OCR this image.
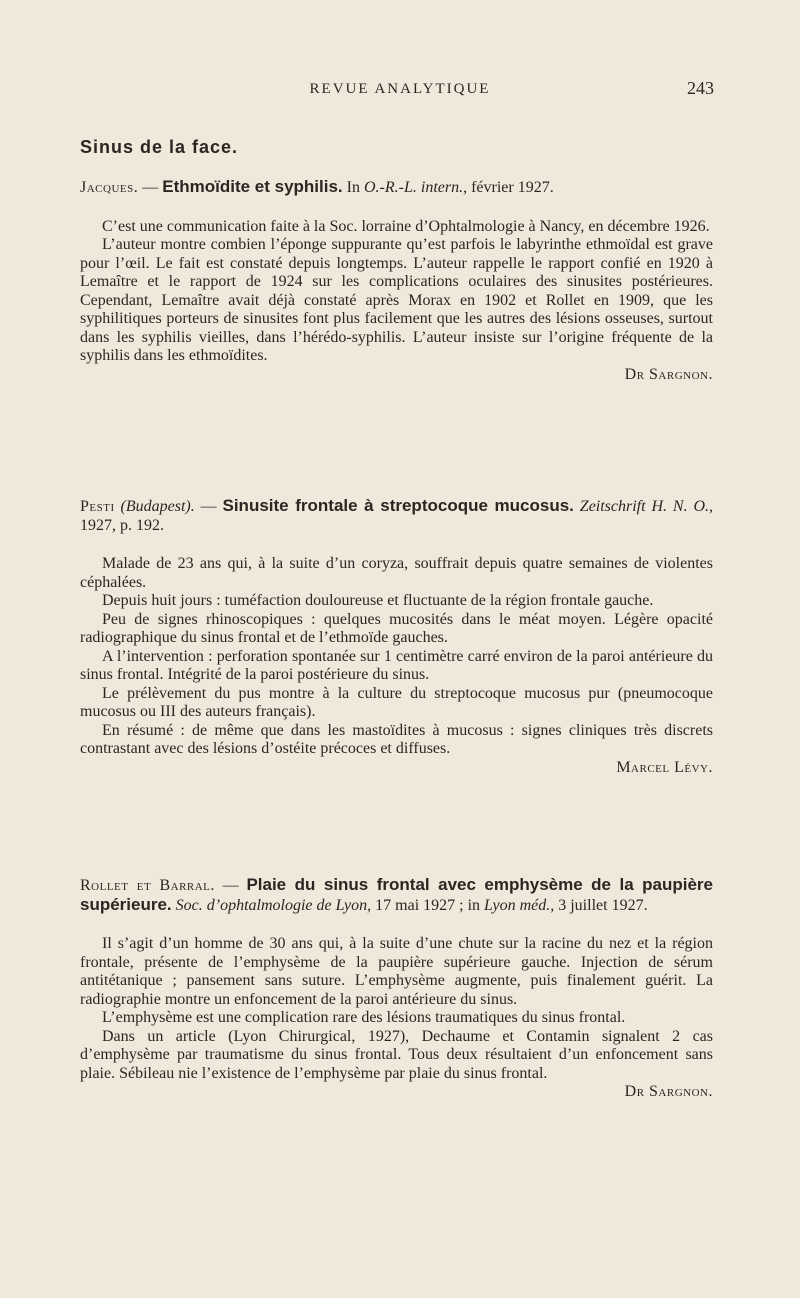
REVUE ANALYTIQUE	243
Sinus de la face.
Jacques. — Ethmoïdite et syphilis. In O.-R.-L. intern., février 1927.

C’est une communication faite à la Soc. lorraine d’Ophtalmologie à Nancy, en décembre 1926.

L’auteur montre combien l’éponge suppurante qu’est parfois le labyrinthe ethmoïdal est grave pour l’œil. Le fait est constaté depuis longtemps. L’auteur rappelle le rapport confié en 1920 à Lemaître et le rapport de 1924 sur les complications oculaires des sinusites postérieures. Cependant, Lemaître avait déjà constaté après Morax en 1902 et Rollet en 1909, que les syphilitiques porteurs de sinusites font plus facilement que les autres des lésions osseuses, surtout dans les syphilis vieilles, dans l’hérédo-syphilis. L’auteur insiste sur l’origine fréquente de la syphilis dans les ethmoïdites.

Dr Sargnon.
Pesti (Budapest). — Sinusite frontale à streptocoque mucosus. Zeitschrift H. N. O., 1927, p. 192.

Malade de 23 ans qui, à la suite d’un coryza, souffrait depuis quatre semaines de violentes céphalées.

Depuis huit jours : tuméfaction douloureuse et fluctuante de la région frontale gauche.

Peu de signes rhinoscopiques : quelques mucosités dans le méat moyen. Légère opacité radiographique du sinus frontal et de l’ethmoïde gauches.

A l’intervention : perforation spontanée sur 1 centimètre carré environ de la paroi antérieure du sinus frontal. Intégrité de la paroi postérieure du sinus.

Le prélèvement du pus montre à la culture du streptocoque mucosus pur (pneumocoque mucosus ou III des auteurs français).

En résumé : de même que dans les mastoïdites à mucosus : signes cliniques très discrets contrastant avec des lésions d’ostéite précoces et diffuses.

Marcel Lévy.
Rollet et Barral. — Plaie du sinus frontal avec emphysème de la paupière supérieure. Soc. d’ophtalmologie de Lyon, 17 mai 1927 ; in Lyon méd., 3 juillet 1927.

Il s’agit d’un homme de 30 ans qui, à la suite d’une chute sur la racine du nez et la région frontale, présente de l’emphysème de la paupière supérieure gauche. Injection de sérum antitétanique ; pansement sans suture. L’emphysème augmente, puis finalement guérit. La radiographie montre un enfoncement de la paroi antérieure du sinus.

L’emphysème est une complication rare des lésions traumatiques du sinus frontal.

Dans un article (Lyon Chirurgical, 1927), Dechaume et Contamin signalent 2 cas d’emphysème par traumatisme du sinus frontal. Tous deux résultaient d’un enfoncement sans plaie. Sébileau nie l’existence de l’emphysème par plaie du sinus frontal.

Dr Sargnon.
